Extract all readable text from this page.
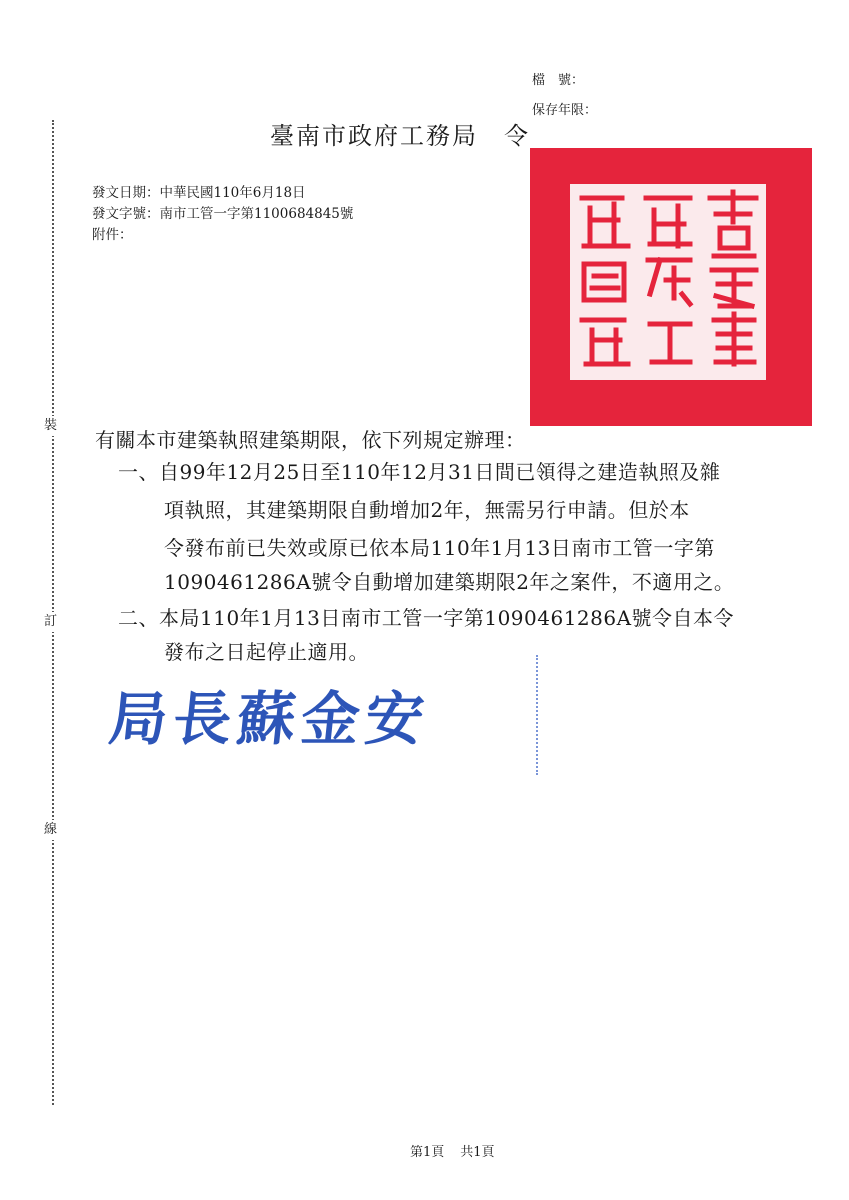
檔　號：
保存年限：
裝
訂
線
臺南市政府工務局　令
發文日期：中華民國110年6月18日
發文字號：南市工管一字第1100684845號
附件：
有關本市建築執照建築期限，依下列規定辦理：
一、自99年12月25日至110年12月31日間已領得之建造執照及雜
項執照，其建築期限自動增加2年，無需另行申請。但於本
令發布前已失效或原已依本局110年1月13日南市工管一字第
1090461286A號令自動增加建築期限2年之案件，不適用之。
二、本局110年1月13日南市工管一字第1090461286A號令自本令
發布之日起停止適用。
局長蘇金安
第1頁 共1頁
